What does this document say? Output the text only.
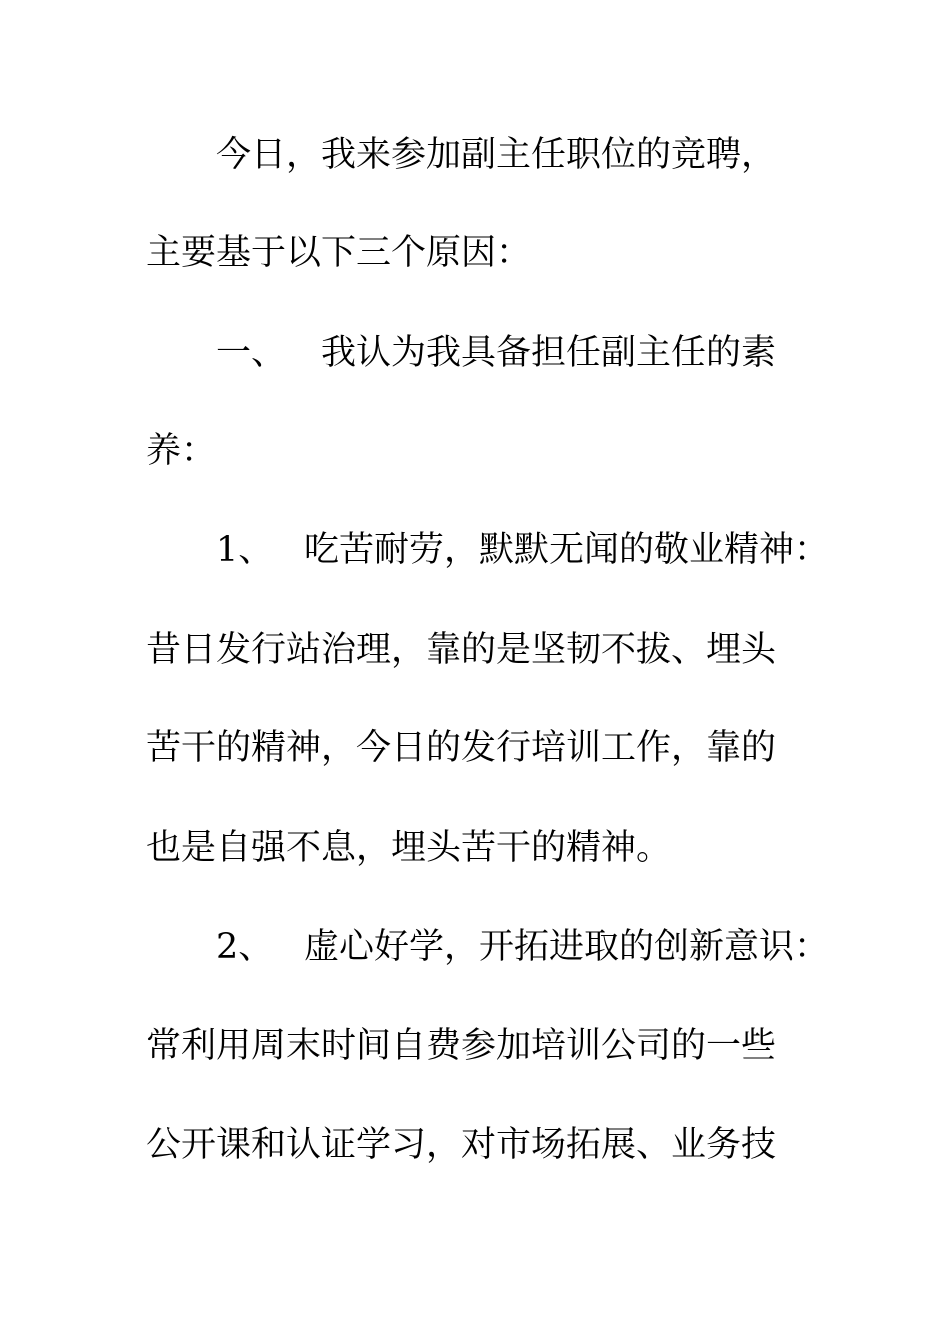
今日，我来参加副主任职位的竞聘，
主要基于以下三个原因：
一、 我认为我具备担任副主任的素
养：
1、 吃苦耐劳，默默无闻的敬业精神：
昔日发行站治理，靠的是坚韧不拔、埋头
苦干的精神，今日的发行培训工作，靠的
也是自强不息，埋头苦干的精神。
2、 虚心好学，开拓进取的创新意识：
常利用周末时间自费参加培训公司的一些
公开课和认证学习，对市场拓展、业务技
